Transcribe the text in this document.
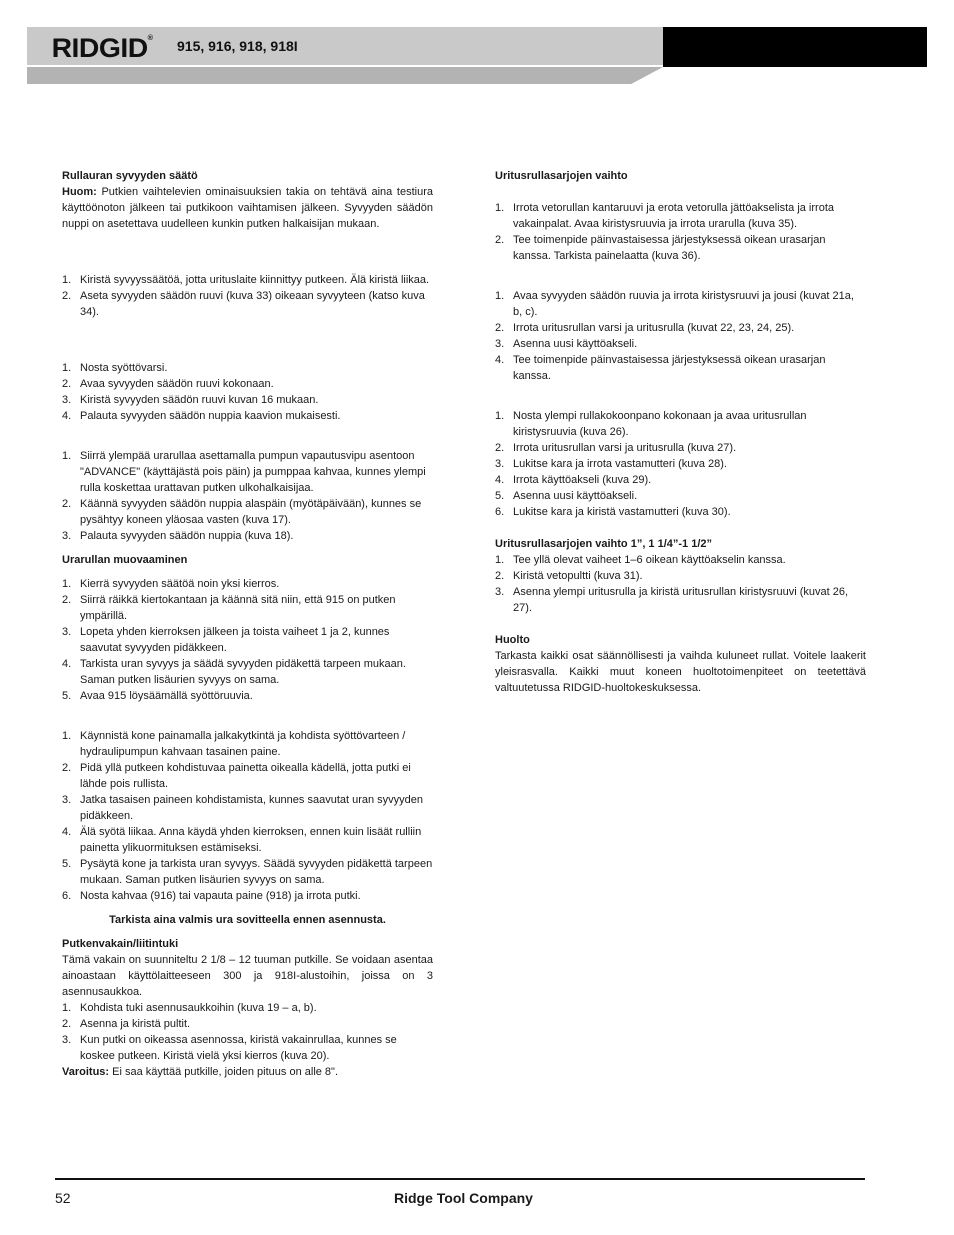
RIDGID® 915, 916, 918, 918I
Rullauran syvyyden säätö

Huom: Putkien vaihtelevien ominaisuuksien takia on tehtävä aina testiura käyttöönoton jälkeen tai putkikoon vaihtamisen jälkeen. Syvyyden säädön nuppi on asetettava uudelleen kunkin putken halkaisijan mukaan.

1. Kiristä syvyyssäätöä, jotta urituslaite kiinnittyy putkeen. Älä kiristä liikaa.
2. Aseta syvyyden säädön ruuvi (kuva 33) oikeaan syvyyteen (katso kuva 34).
1. Nosta syöttövarsi.
2. Avaa syvyyden säädön ruuvi kokonaan.
3. Kiristä syvyyden säädön ruuvi kuvan 16 mukaan.
4. Palauta syvyyden säädön nuppia kaavion mukaisesti.
1. Siirrä ylempää urarullaa asettamalla pumpun vapautusvipu asentoon "ADVANCE" (käyttäjästä pois päin) ja pumppaa kahvaa, kunnes ylempi rulla koskettaa urattavan putken ulkohalkaisijaa.
2. Käännä syvyyden säädön nuppia alaspäin (myötäpäivään), kunnes se pysähtyy koneen yläosaa vasten (kuva 17).
3. Palauta syvyyden säädön nuppia (kuva 18).
Urarullan muovaaminen
1. Kierrä syvyyden säätöä noin yksi kierros.
2. Siirrä räikkä kiertokantaan ja käännä sitä niin, että 915 on putken ympärillä.
3. Lopeta yhden kierroksen jälkeen ja toista vaiheet 1 ja 2, kunnes saavutat syvyyden pidäkkeen.
4. Tarkista uran syvyys ja säädä syvyyden pidäkettä tarpeen mukaan. Saman putken lisäurien syvyys on sama.
5. Avaa 915 löysäämällä syöttöruuvia.
1. Käynnistä kone painamalla jalkakytkintä ja kohdista syöttövarteen / hydraulipumpun kahvaan tasainen paine.
2. Pidä yllä putkeen kohdistuvaa painetta oikealla kädellä, jotta putki ei lähde pois rullista.
3. Jatka tasaisen paineen kohdistamista, kunnes saavutat uran syvyyden pidäkkeen.
4. Älä syötä liikaa. Anna käydä yhden kierroksen, ennen kuin lisäät rulliin painetta ylikuormituksen estämiseksi.
5. Pysäytä kone ja tarkista uran syvyys. Säädä syvyyden pidäkettä tarpeen mukaan. Saman putken lisäurien syvyys on sama.
6. Nosta kahvaa (916) tai vapauta paine (918) ja irrota putki.
Tarkista aina valmis ura sovitteella ennen asennusta.
Putkenvakain/liitintuki

Tämä vakain on suunniteltu 2 1/8 – 12 tuuman putkille. Se voidaan asentaa ainoastaan käyttölaitteeseen 300 ja 918I-alustoihin, joissa on 3 asennusaukkoa.

1. Kohdista tuki asennusaukkoihin (kuva 19 – a, b).
2. Asenna ja kiristä pultit.
3. Kun putki on oikeassa asennossa, kiristä vakainrullaa, kunnes se koskee putkeen. Kiristä vielä yksi kierros (kuva 20).

Varoitus: Ei saa käyttää putkille, joiden pituus on alle 8".

Uritusrullasarjojen vaihto
1. Irrota vetorullan kantaruuvi ja erota vetorulla jättöakselista ja irrota vakainpalat. Avaa kiristysruuvia ja irrota urarulla (kuva 35).
2. Tee toimenpide päinvastaisessa järjestyksessä oikean urasarjan kanssa. Tarkista painelaatta (kuva 36).
1. Avaa syvyyden säädön ruuvia ja irrota kiristysruuvi ja jousi (kuvat 21a, b, c).
2. Irrota uritusrullan varsi ja uritusrulla (kuvat 22, 23, 24, 25).
3. Asenna uusi käyttöakseli.
4. Tee toimenpide päinvastaisessa järjestyksessä oikean urasarjan kanssa.
1. Nosta ylempi rullakokoonpano kokonaan ja avaa uritusrullan kiristysruuvia (kuva 26).
2. Irrota uritusrullan varsi ja uritusrulla (kuva 27).
3. Lukitse kara ja irrota vastamutteri (kuva 28).
4. Irrota käyttöakseli (kuva 29).
5. Asenna uusi käyttöakseli.
6. Lukitse kara ja kiristä vastamutteri (kuva 30).
Uritusrullasarjojen vaihto 1”, 1 1/4”-1 1/2”
1. Tee yllä olevat vaiheet 1–6 oikean käyttöakselin kanssa.
2. Kiristä vetopultti (kuva 31).
3. Asenna ylempi uritusrulla ja kiristä uritusrullan kiristysruuvi (kuvat 26, 27).
Huolto

Tarkasta kaikki osat säännöllisesti ja vaihda kuluneet rullat. Voitele laakerit yleisrasvalla. Kaikki muut koneen huoltotoimenpiteet on teetettävä valtuutetussa RIDGID-huoltokeskuksessa.

52	Ridge Tool Company
